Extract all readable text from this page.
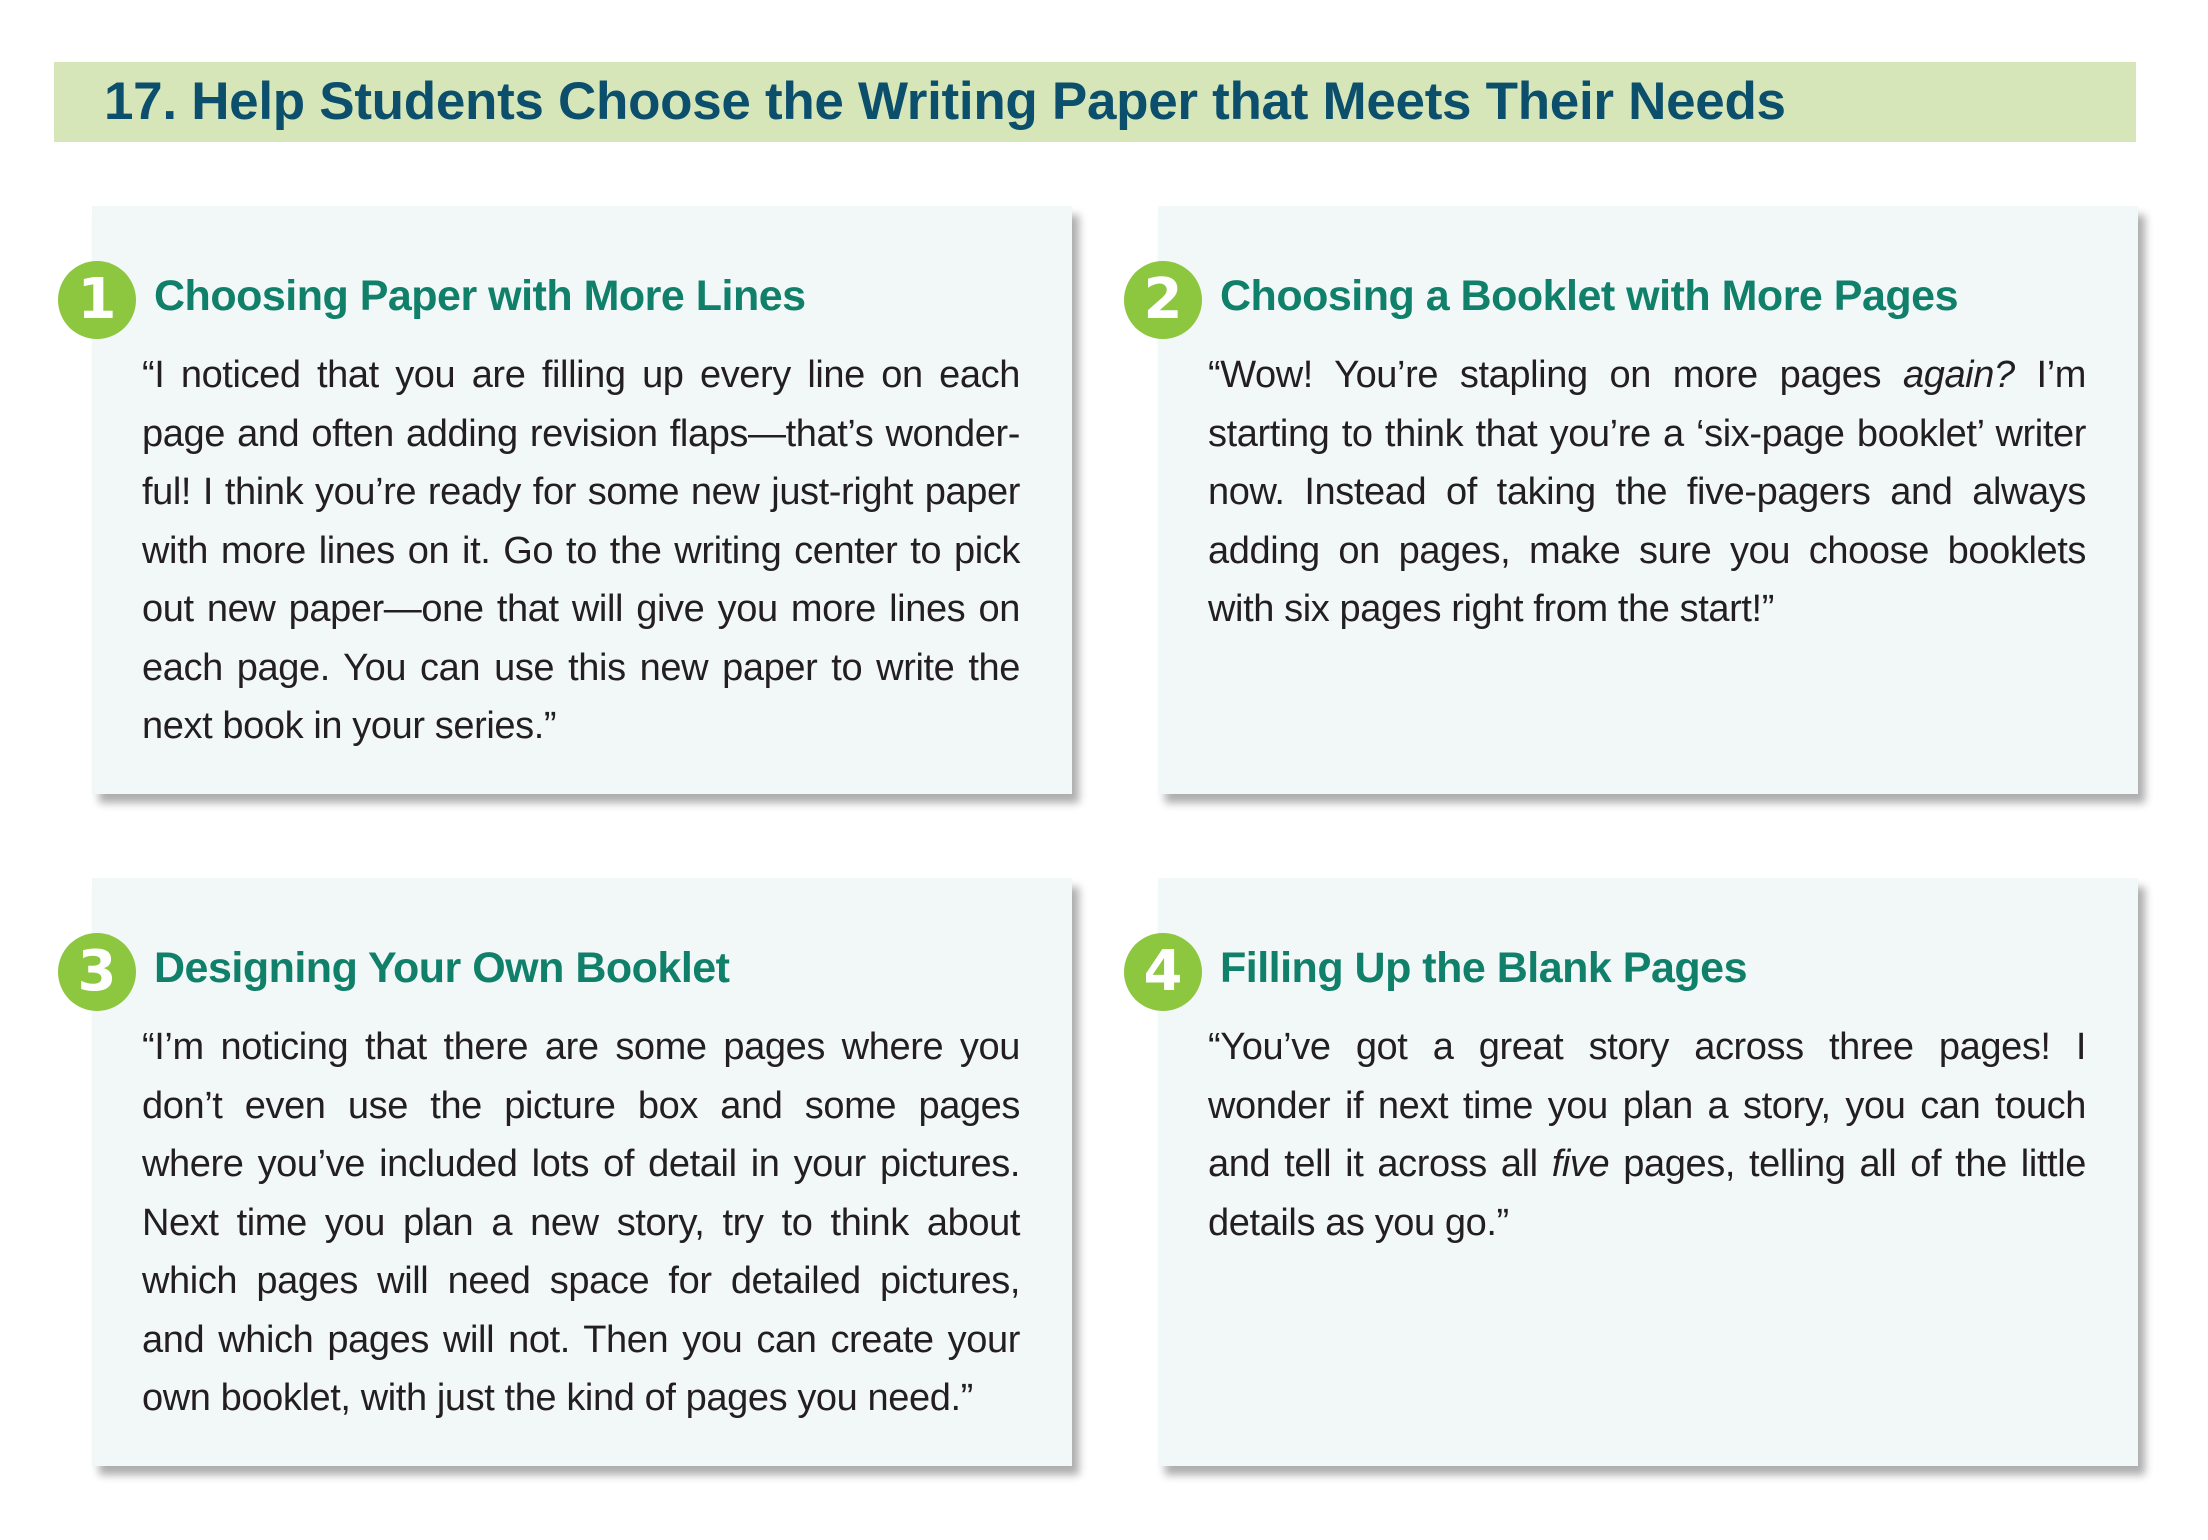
17. Help Students Choose the Writing Paper that Meets Their Needs
1 Choosing Paper with More Lines
“I noticed that you are filling up every line on each page and often adding revision flaps—that’s wonder-ful! I think you’re ready for some new just-right paper with more lines on it. Go to the writing center to pick out new paper—one that will give you more lines on each page. You can use this new paper to write the next book in your series.”
2 Choosing a Booklet with More Pages
“Wow! You’re stapling on more pages again? I’m starting to think that you’re a ‘six-page booklet’ writer now. Instead of taking the five-pagers and always adding on pages, make sure you choose booklets with six pages right from the start!”
3 Designing Your Own Booklet
“I’m noticing that there are some pages where you don’t even use the picture box and some pages where you’ve included lots of detail in your pictures. Next time you plan a new story, try to think about which pages will need space for detailed pictures, and which pages will not. Then you can create your own booklet, with just the kind of pages you need.”
4 Filling Up the Blank Pages
“You’ve got a great story across three pages! I wonder if next time you plan a story, you can touch and tell it across all five pages, telling all of the little details as you go.”
